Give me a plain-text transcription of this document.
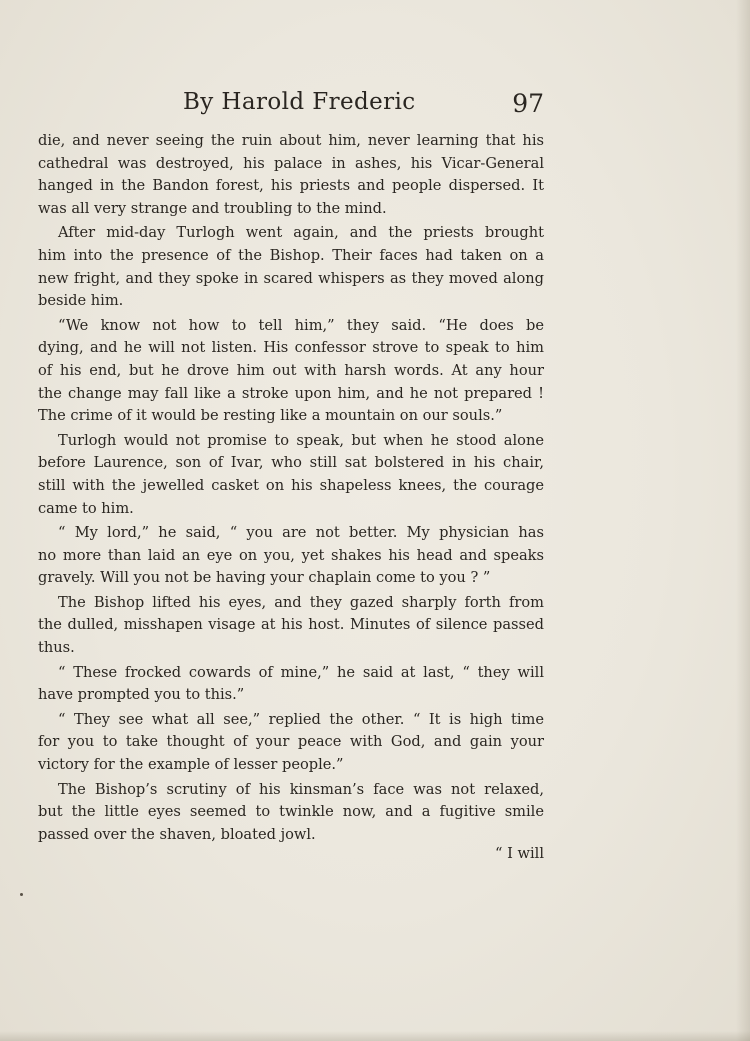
By Harold Frederic	97
die, and never seeing the ruin about him, never learning that his
cathedral was destroyed, his palace in ashes, his Vicar-General
hanged in the Bandon forest, his priests and people dispersed. It
was all very strange and troubling to the mind.
After mid-day Turlogh went again, and the priests brought
him into the presence of the Bishop. Their faces had taken on a
new fright, and they spoke in scared whispers as they moved along
beside him.
“We know not how to tell him,” they said. “He does be
dying, and he will not listen. His confessor strove to speak to him
of his end, but he drove him out with harsh words. At any hour
the change may fall like a stroke upon him, and he not prepared !
The crime of it would be resting like a mountain on our souls.”
Turlogh would not promise to speak, but when he stood alone
before Laurence, son of Ivar, who still sat bolstered in his chair,
still with the jewelled casket on his shapeless knees, the courage
came to him.
“ My lord,” he said, “ you are not better. My physician has
no more than laid an eye on you, yet shakes his head and speaks
gravely. Will you not be having your chaplain come to you ? ”
The Bishop lifted his eyes, and they gazed sharply forth from
the dulled, misshapen visage at his host. Minutes of silence passed
thus.
“ These frocked cowards of mine,” he said at last, “ they will
have prompted you to this.”
“ They see what all see,” replied the other. “ It is high time
for you to take thought of your peace with God, and gain your
victory for the example of lesser people.”
The Bishop’s scrutiny of his kinsman’s face was not relaxed,
but the little eyes seemed to twinkle now, and a fugitive smile
passed over the shaven, bloated jowl.
“ I will
